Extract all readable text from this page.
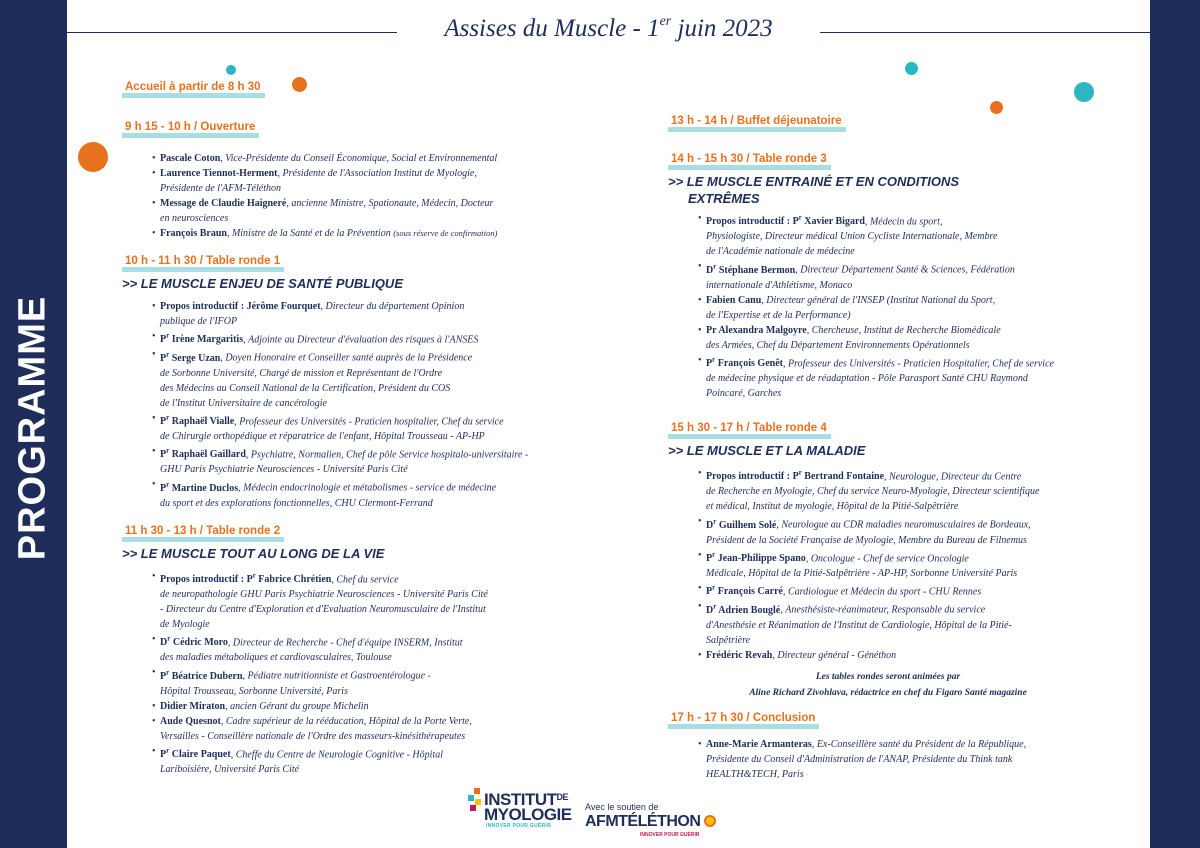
PROGRAMME
Assises du Muscle - 1er juin 2023
Accueil à partir de 8 h 30
9 h 15 - 10 h / Ouverture
• Pascale Coton, Vice-Présidente du Conseil Économique, Social et Environnemental
• Laurence Tiennot-Herment, Présidente de l'Association Institut de Myologie,
Présidente de l'AFM-Téléthon
• Message de Claudie Haigneré, ancienne Ministre, Spationaute, Médecin, Docteur
en neurosciences
• François Braun, Ministre de la Santé et de la Prévention (sous réserve de confirmation)
10 h - 11 h 30 / Table ronde 1
>> LE MUSCLE ENJEU DE SANTÉ PUBLIQUE
• Propos introductif : Jérôme Fourquet, Directeur du département Opinion
publique de l'IFOP
• $P^r$ Irène Margaritis, Adjointe au Directeur d'évaluation des risques à l'ANSES
• $P^r$ Serge Uzan, Doyen Honoraire et Conseiller santé auprès de la Présidence
de Sorbonne Université, Chargé de mission et Représentant de l'Ordre
des Médecins au Conseil National de la Certification, Président du COS
de l'Institut Universitaire de cancérologie
• $P^r$ Raphaël Vialle, Professeur des Universités - Praticien hospitalier, Chef du service
de Chirurgie orthopédique et réparatrice de l'enfant, Hôpital Trousseau - AP-HP
• $P^r$ Raphaël Gaillard, Psychiatre, Normalien, Chef de pôle Service hospitalo-universitaire -
GHU Paris Psychiatrie Neurosciences - Université Paris Cité
• $P^r$ Martine Duclos, Médecin endocrinologie et métabolismes - service de médecine
du sport et des explorations fonctionnelles, CHU Clermont-Ferrand
11 h 30 - 13 h / Table ronde 2
>> LE MUSCLE TOUT AU LONG DE LA VIE
• Propos introductif : $P^r$ Fabrice Chrétien, Chef du service
de neuropathologie GHU Paris Psychiatrie Neurosciences - Université Paris Cité
- Directeur du Centre d'Exploration et d'Evaluation Neuromusculaire de l'Institut
de Myologie
• $D^r$ Cédric Moro, Directeur de Recherche - Chef d'équipe INSERM, Institut
des maladies métaboliques et cardiovasculaires, Toulouse
• $P^r$ Béatrice Dubern, Pédiatre nutritionniste et Gastroentérologue -
Hôpital Trousseau, Sorbonne Université, Paris
• Didier Miraton, ancien Gérant du groupe Michelin
• Aude Quesnot, Cadre supérieur de la rééducation, Hôpital de la Porte Verte,
Versailles - Conseillère nationale de l'Ordre des masseurs-kinésithérapeutes
• $P^r$ Claire Paquet, Cheffe du Centre de Neurologie Cognitive - Hôpital
Lariboisière, Université Paris Cité
13 h - 14 h / Buffet déjeunatoire
14 h - 15 h 30 / Table ronde 3
>> LE MUSCLE ENTRAINÉ ET EN CONDITIONS
EXTRÊMES
• Propos introductif : $P^r$ Xavier Bigard, Médecin du sport,
Physiologiste, Directeur médical Union Cycliste Internationale, Membre
de l'Académie nationale de médecine
• $D^r$ Stéphane Bermon, Directeur Département Santé & Sciences, Fédération
internationale d'Athlétisme, Monaco
• Fabien Canu, Directeur général de l'INSEP (Institut National du Sport,
de l'Expertise et de la Performance)
• Pr Alexandra Malgoyre, Chercheuse, Institut de Recherche Biomédicale
des Armées, Chef du Département Environnements Opérationnels
• $P^r$ François Genêt, Professeur des Universités - Praticien Hospitalier, Chef de service
de médecine physique et de réadaptation - Pôle Parasport Santé CHU Raymond
Poincaré, Garches
15 h 30 - 17 h / Table ronde 4
>> LE MUSCLE ET LA MALADIE
• Propos introductif : $P^r$ Bertrand Fontaine, Neurologue, Directeur du Centre
de Recherche en Myologie, Chef du service Neuro-Myologie, Directeur scientifique
et médical, Institut de myologie, Hôpital de la Pitié-Salpêtrière
• $D^r$ Guilhem Solé, Neurologue au CDR maladies neuromusculaires de Bordeaux,
Président de la Société Française de Myologie, Membre du Bureau de Filnemus
• $P^r$ Jean-Philippe Spano, Oncologue - Chef de service Oncologie
Médicale, Hôpital de la Pitié-Salpêtrière - AP-HP, Sorbonne Université Paris
• $P^r$ François Carré, Cardiologue et Médecin du sport - CHU Rennes
• $D^r$ Adrien Bouglé, Anesthésiste-réanimateur, Responsable du service
d'Anesthésie et Réanimation de l'Institut de Cardiologie, Hôpital de la Pitié-
Salpêtrière
• Frédéric Revah, Directeur général - Généthon
Les tables rondes seront animées par
Aline Richard Zivohlava, rédactrice en chef du Figaro Santé magazine
17 h - 17 h 30 / Conclusion
• Anne-Marie Armanteras, Ex-Conseillère santé du Président de la République,
Présidente du Conseil d'Administration de l'ANAP, Présidente du Think tank
HEALTH&TECH, Paris
$INSTITUT^{DE}$
MYOLOGIE
INNOVER POUR GUÉRIR
Avec le soutien de
AFMTÉLÉTHON
INNOVER POUR GUÉRIR
